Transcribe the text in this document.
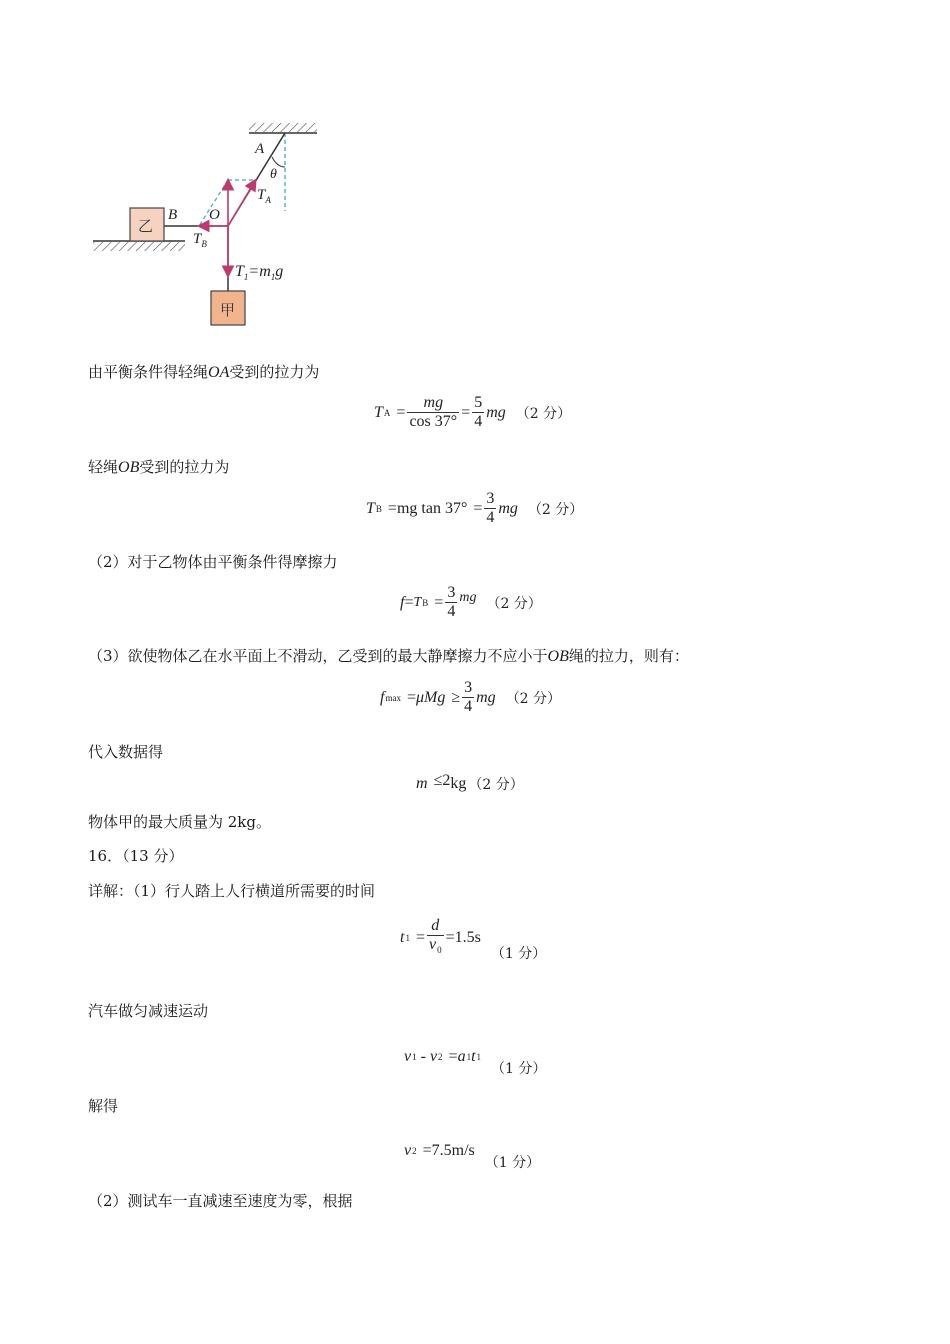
乙
甲
A
θ
$T_A$
B O
$T_B$
$T_1=m_1g$
由平衡条件得轻绳OA受到的拉力为
T $A = \frac{mg}{\cos 37^\circ} = \frac{5}{4}$ mg （2 分）
轻绳OB受到的拉力为
T B = mg $\tan 37^\circ = \frac{3}{4}$ mg （2 分）
（2）对于乙物体由平衡条件得摩擦力
f = T $B = \frac{3}{4}$ mg （2 分）
（3）欲使物体乙在水平面上不滑动，乙受到的最大静摩擦力不应小于OB绳的拉力，则有：
f $\max = \mu Mg \ge \frac{3}{4}$ mg （2 分）
代入数据得
m ≤2 kg （2 分）
物体甲的最大质量为 2kg。
16．（13 分）
详解：（1）行人踏上人行横道所需要的时间
t $1 = \frac{d}{v_0} =1.5s$
（1 分）
汽车做匀减速运动
v 1 - v 2 = a 1 t 1
（1 分）
解得
v 2 =7.5m/s
（1 分）
（2）测试车一直减速至速度为零，根据
